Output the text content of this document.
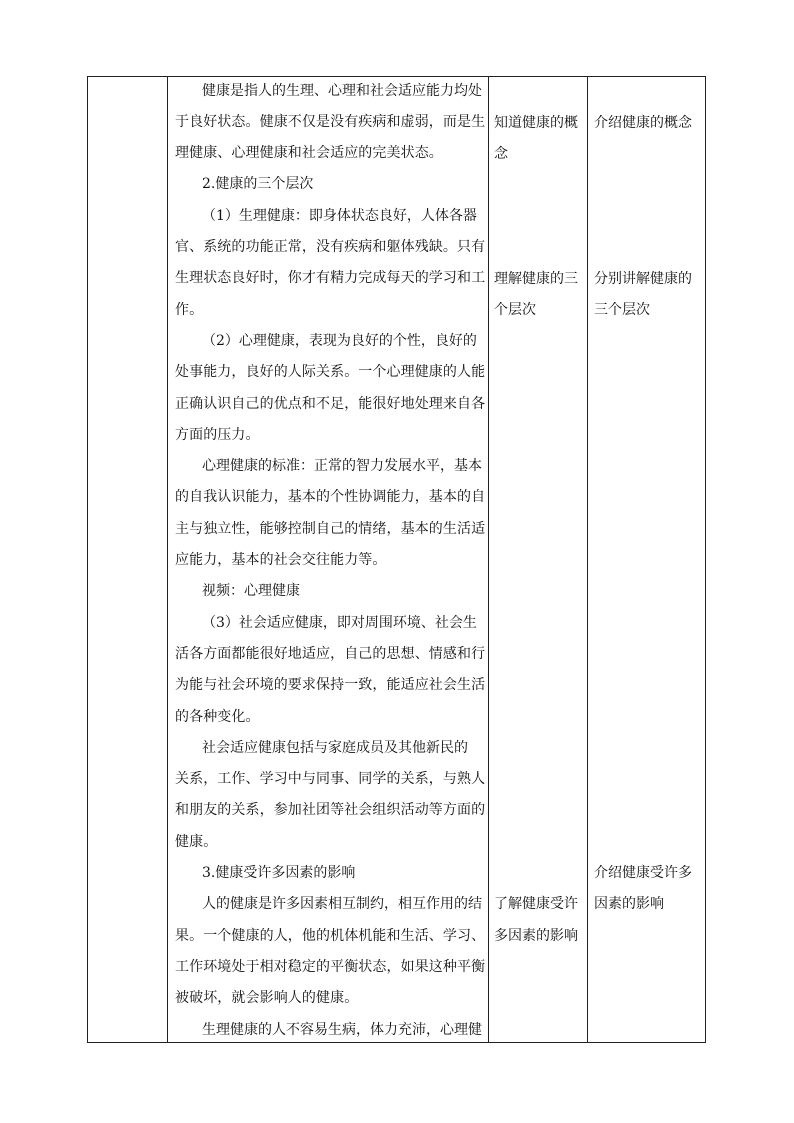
健康是指人的生理、心理和社会适应能力均处
于良好状态。健康不仅是没有疾病和虚弱，而是生
理健康、心理健康和社会适应的完美状态。
2.健康的三个层次
（1）生理健康：即身体状态良好，人体各器
官、系统的功能正常，没有疾病和躯体残缺。只有
生理状态良好时，你才有精力完成每天的学习和工
作。
（2）心理健康，表现为良好的个性，良好的
处事能力，良好的人际关系。一个心理健康的人能
正确认识自己的优点和不足，能很好地处理来自各
方面的压力。
心理健康的标准：正常的智力发展水平，基本
的自我认识能力，基本的个性协调能力，基本的自
主与独立性，能够控制自己的情绪，基本的生活适
应能力，基本的社会交往能力等。
视频：心理健康
（3）社会适应健康，即对周围环境、社会生
活各方面都能很好地适应，自己的思想、情感和行
为能与社会环境的要求保持一致，能适应社会生活
的各种变化。
社会适应健康包括与家庭成员及其他新民的
关系，工作、学习中与同事、同学的关系，与熟人
和朋友的关系，参加社团等社会组织活动等方面的
健康。
3.健康受许多因素的影响
人的健康是许多因素相互制约，相互作用的结
果。一个健康的人，他的机体机能和生活、学习、
工作环境处于相对稳定的平衡状态，如果这种平衡
被破坏，就会影响人的健康。
生理健康的人不容易生病，体力充沛，心理健
知道健康的概
念
理解健康的三
个层次
了解健康受许
多因素的影响
介绍健康的概念
分别讲解健康的
三个层次
介绍健康受许多
因素的影响
